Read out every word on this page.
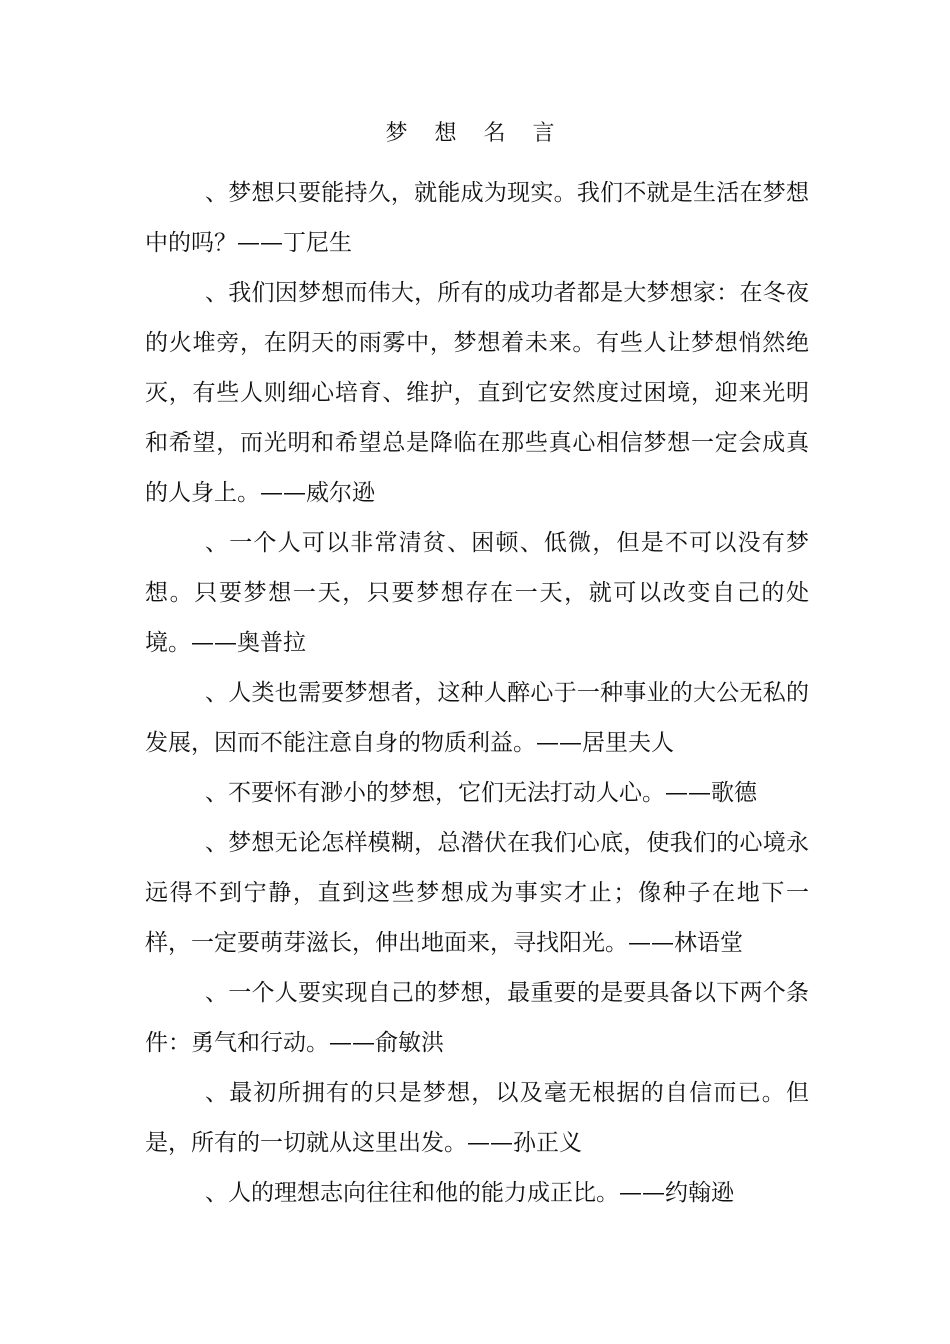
梦 想 名 言

、梦想只要能持久，就能成为现实。我们不就是生活在梦想中的吗？——丁尼生

、我们因梦想而伟大，所有的成功者都是大梦想家：在冬夜的火堆旁，在阴天的雨雾中，梦想着未来。有些人让梦想悄然绝灭，有些人则细心培育、维护，直到它安然度过困境，迎来光明和希望，而光明和希望总是降临在那些真心相信梦想一定会成真的人身上。——威尔逊

、一个人可以非常清贫、困顿、低微，但是不可以没有梦想。只要梦想一天，只要梦想存在一天，就可以改变自己的处境。——奥普拉

、人类也需要梦想者，这种人醉心于一种事业的大公无私的发展，因而不能注意自身的物质利益。——居里夫人

、不要怀有渺小的梦想，它们无法打动人心。——歌德

、梦想无论怎样模糊，总潜伏在我们心底，使我们的心境永远得不到宁静，直到这些梦想成为事实才止；像种子在地下一样，一定要萌芽滋长，伸出地面来，寻找阳光。——林语堂

、一个人要实现自己的梦想，最重要的是要具备以下两个条件：勇气和行动。——俞敏洪

、最初所拥有的只是梦想，以及毫无根据的自信而已。但是，所有的一切就从这里出发。——孙正义

、人的理想志向往往和他的能力成正比。——约翰逊
